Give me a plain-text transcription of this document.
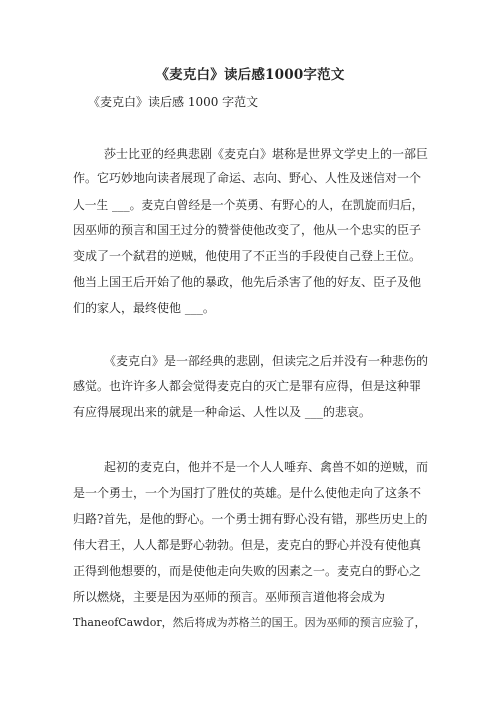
《麦克白》读后感1000字范文
《麦克白》读后感 1000 字范文
莎士比亚的经典悲剧《麦克白》堪称是世界文学史上的一部巨
作。它巧妙地向读者展现了命运、志向、野心、人性及迷信对一个
人一生 ___。麦克白曾经是一个英勇、有野心的人，在凯旋而归后，
因巫师的预言和国王过分的赞誉使他改变了，他从一个忠实的臣子
变成了一个弑君的逆贼，他使用了不正当的手段使自己登上王位。
他当上国王后开始了他的暴政，他先后杀害了他的好友、臣子及他
们的家人，最终使他 ___。
《麦克白》是一部经典的悲剧，但读完之后并没有一种悲伤的
感觉。也许许多人都会觉得麦克白的灭亡是罪有应得，但是这种罪
有应得展现出来的就是一种命运、人性以及 ___的悲哀。
起初的麦克白，他并不是一个人人唾弃、禽兽不如的逆贼，而
是一个勇士，一个为国打了胜仗的英雄。是什么使他走向了这条不
归路?首先，是他的野心。一个勇士拥有野心没有错，那些历史上的
伟大君王，人人都是野心勃勃。但是，麦克白的野心并没有使他真
正得到他想要的，而是使他走向失败的因素之一。麦克白的野心之
所以燃烧，主要是因为巫师的预言。巫师预言道他将会成为
ThaneofCawdor，然后将成为苏格兰的国王。因为巫师的预言应验了，
